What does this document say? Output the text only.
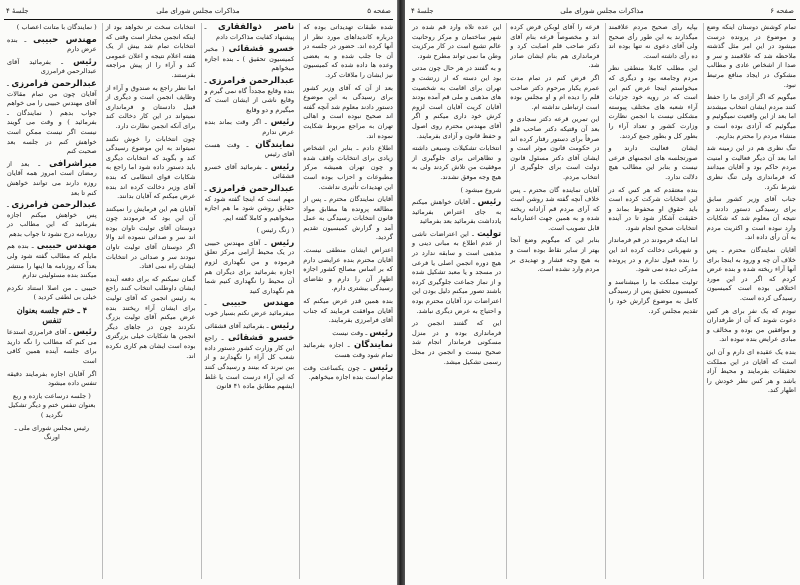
صفحه ۵
مذاکرات مجلس شورای ملی
جلسهٔ ۴

شده طبقات تهدیداتی بوده که درباره کاندیداهای مورد نظر از آنها کرده اند. حضور در جلسه در آن جا جلب شده و به بعضی وعده ها داده شده که کمیسیون نیز ایشان را ملاقات کرد.

بعد از آن که آقای وزیر کشور برای رسیدگی به این موضوع دستور دادند معلوم شد آنچه گفته اند صحیح نبوده است و اهالی تهران به مراجع مربوط شکایت نموده اند.

اطلاع دادم ـ بنابر این اشخاص زیادی برای انتخابات واقف شده و چون تهران همیشه مرکز مطبوعات و احزاب بوده است این تهدیدات تأثیری نداشت.

آقایان نمایندگان محترم ـ پس از مطالعه پرونده ها مطابق مواد قانون انتخابات رسیدگی به عمل آمد و گزارش کمیسیون تقدیم گردید.

اعتراض ایشان منطقی نیست. آقایان محترم بنده عرایضی دارم که بر اساس مصالح کشور اجازه اظهار آن را دارم و تقاضای رسیدگی بیشتری دارم.

بنده همین قدر عرض میکنم که آقایان موافقت فرمایند که جناب آقای فرامرزی بفرمایند.

رئیس ـ وقت نیست

نمایندگان ـ اجازه بفرمائید تمام شود وقت هست

رئیس ـ چون یکساعت وقت تمام است بنده اجازه میخواهم.

ناصر ذوالفقاری ـ پیشنهاد کفایت مذاکرات دادم

خسرو قشقائی ( مخبر کمیسیون تحقیق ) ـ بنده اجازه میخواهم

عبدالرحمن فرامرزی ـ بنده وقایع مجدداً گاه نمی گیرم و وقایع ناشی از ایشان است که میگیرم و دو وقایع

رئیس ـ اگر وقت بماند بنده عرض ندارم

نمایندگان ـ وقت هست آقای رئیس

رئیس ـ بفرمائید آقای خسرو قشقائی

عبدالرحمن فرامرزی ـ مهم است که اینجا گفته شود که حقایق روشن شود ما هم اجازه میخواهیم و کاملا گفته ایم.

( زنگ رئیس )

رئیس ـ آقای مهندس حبیبی در یک محیط آرامی مرکز تعلق فرموده و من نگهداری لزوم اجازه بفرمائید برای دیگران هم آن محیط را نگهداری کنیم شما هم نگهداری کنید

مهندس حبیبی ـ میفرمائید عرض نکنم بسیار خوب

رئیس ـ بفرمائید آقای قشقائی

خسرو قشقائی ـ راجع این کار وزارت کشور دستور داده شعب کل آراء را نگهدارند و از بین نبرند که بینند و رسیدگی کنند که این آراء درست است یا غلط ایشهم مطابق ماده ۴۱ قانون

انتخابات سخت تر نخواهد بود از اینکه انجمن مختار است وقتی که انتخابات تمام شد بیش از یک هفته اعلام نتیجه و اعلان عمومی کند و آراء را از پیش مراجعه بفرستند.

اما نظر راجع به صندوق و آراء از وظایف انجمن است و دیگری از قبیل دادستان و فرمانداری نمیتواند در این کار دخالت کند برای آنکه انجمن نظارت دارد.

چون انتخابات را خوش نکنند نمیتواند به این موضوع رسیدگی کند و بگوید که انتخابات دیگری باید دستور داده شود اما راجع به شکایات قوای انتظامی که بنده آقای وزیر دخالت کرده اند بنده عرض میکنم که آقایان بدانند.

آقایان هم این فرمایش را نمیکنند آن این بود که فرمودند چون دوستان آقای تولیت تاوان بوده اند سر و صدائی ننموده اند والا اگر دوستان آقای تولیت تاوان نبودند سر و صدائی در انتخابات ایشان راه نمی افتاد.

گمان نمیکنم که برای دفعه آینده ایشان داوطلب انتخاب کنند راجع به رئیس انجمن که آقای تولیت برای ایشان آراء ریختند بنده عرض میکنم آقای تولیت بزرگ نکردند چون در جاهای دیگر انجمن ها شکایات خیلی بزرگتری بوده است ایشان هم کاری نکرده اند.

( نمایندگان با متانت اعصاب )

مهندس حبیبی ـ بنده عرض دارم

رئیس ـ بفرمائید آقای عبدالرحمن فرامرزی

عبدالرحمن فرامرزی ـ آقایان چون من تمام مقالات آقای مهندس حبیبی را می خواهم جواب بدهم ( نمایندگان ـ بفرمائید ) و وقت می گویند نیست اگر نیست ممکن است خواهش کنم در جلسه بعد صحبت کنم

میراشرافی ـ بعد از رمضان است امروز همه آقایان روزه دارند می توانند خواهش کنم تا بعد

عبدالرحمن فرامرزی ـ پس خواهش میکنم اجازه بفرمائید که این مطالب در روزنامه درج نشود تا جواب بدهم

مهندس حبیبی ـ بنده هم مایلم که مطالب گفته شود ولی بعداً که روزنامه ها اینها را منتشر میکنند بنده مسئولیتی ندارم

حبیبی ـ من اصلا استناد نکردم خیلی بی لطفی کردید )

۴ ـ ختم جلسه بعنوان تنفس

رئیس ـ آقای فرامرزی استدعا می کنم که مطالب را نگه دارید برای جلسه آینده همین کافی است

اگر آقایان اجازه بفرمایند دقیقه تنفس داده میشود

( جلسه درساعت یازده و ربع بعنوان تنفس ختم و دیگر تشکیل نگردید )

رئیس مجلس شورای ملی ـ اورنگ

صفحه ۶
مذاکرات مجلس شورای ملی
جلسهٔ ۴

تمام کوشش دوستان اینکه وضع و موضوع در پرونده درست میشود در این امر مثل گذشته ملاحظه شد که علاقمند و سر و صدا از اشخاص عادی و مطالب مشکوک در ایجاد منافع مرتبط نبود.

میگویم که اگر آزادی ما را حفظ کنند مردم ایشان انتخاب میشدند اما بعد از این واقعیت نمیگوئیم و میگوئیم که آزادی بوده است و منشاء مردم را محترم بداریم.

تنگ نظری هم در این زمینه شد اما بعد آن دیگر فعالیت و امنیت مردم حاکم بود و آقایان میدانند که فرمانداری ولی تنگ نظری شرط نکرد.

جناب آقای وزیر کشور سابق برای رسیدگی دستور دادند و نتیجه آن معلوم شد که شکایات وارد نبوده است و اکثریت مردم به آن رأی داده اند.

آقایان نمایندگان محترم ـ پس خلاف آن چه و ورود به اینجا برای آنها آراء ریخته شده و بنده عرض کردم که اگر در این مورد اختلافی بوده است کمیسیون رسیدگی کرده است.

نبودم که یک نفر برای هر کس دعوت شوند که آن از طرفداران و موافقین من بوده و مخالف و مبادی عرایض بنده نبوده اند.

بنده یک عقیده ای دارم و آن این است که آقایان در این مملکت تحقیقات بفرمایند و محیط آزاد باشد و هر کس نظر خودش را اظهار کند.

بپایه رأی صحیح مردم علاقمند میگذارند به این طور رأی صحیح ولی آقای دعوی نه تنها بوده اند ده رأی داشته است.

این مطلب کاملا منطقی نظر مردم وجامعه بود و دیگری که میخواستم اینجا عرض کنم این است که در رویه خود جزئیات آراء شعبه های مختلف پیوسته مشکلی نیست با انجمن نظارت وزارت کشور و تعداد آراء را بطور کل و بطور جمع کردند.

ایشان فعالیت دارند و صورتجلسه های انجمنهای فرعی نیست و بنابر این مطالب هیچ دلالت ندارد.

بنده معتقدم که هر کس که در این انتخابات شرکت کرده است باید حقوق او محفوظ بماند و حقیقت آشکار شود تا در آینده انتخابات صحیح انجام شود.

اما اینکه فرمودند در قم فرماندار و شهربانی دخالت کرده اند این را بنده قبول ندارم و در پرونده مدرکی دیده نمی شود.

تولیت مملکت ما را میشناسد و کمیسیون تحقیق پس از رسیدگی کامل به موضوع گزارش خود را تقدیم مجلس کرد.

قرعه را آقای لوبکن قرض کرده اند و مخصوصاً قرعه بنام آقای دکتر صاحب قلم اصابت کرد و فرمانداری هم بنام ایشان صادر شد.

اگر فرض کنم در تمام مدت عمرم یکبار مرحوم دکتر صاحب قلم را دیده ام و او مجلس بوده است ارتباطی نداشته ام.

این تمرین قرعه دکتر سجادی و بعد آن وقتیکه دکتر صاحب قلم صرفاً برای دستور رفتار کرده اند در حکومت قانون موثر است و ایشان آقای دکتر مسئول قانون دولت است برای جلوگیری از انتخاب مردم.

آقایان نماینده گان محترم ـ پس خلاف آنچه گفته شد روشن است که آرای مردم قم آزادانه ریخته شده و به همین جهت اعتبارنامه قابل تصویب است.

بنابر این که میگویم وضع آنجا بهتر از سایر نقاط بوده است و به هیچ وجه فشار و تهدیدی بر مردم وارد نشده است.

این عده تلاه وارد قم شده در شهر ساختمان و مرکز روحانیت عالم تشیع است در کار مرکزیت وطن ما نمی تواند مطرح شود.

و به گفتند در هر حال چون مدتی بود این دسته که از زرتشت و تهران برای اقامت به شخصیت های مذهبی و ملی قم آمده بودند آقایان کریت آقایان است لزوم کرش خود داری میکنم و اگر آقای مهندس محترم روی اصول و حفظ قانون و آزادی بفرمایند.

انتخابات تشکیلات وسیعی داشته و تظاهراتی برای جلوگیری از موفقیت من تلاش کردند ولی به هیچ وجه موفق نشدند.

شروع میشود )

رئیس ـ آقایان خواهش میکنم به جای اعتراض بفرمائید یادداشت بفرمائید بعد بفرمائید

تولیت ـ این اعتراضات ناشی از عدم اطلاع به مبانی دینی و مذهبی است و سابقه ندارد در هیچ دوره انجمن اصلی یا فرعی در مسجد و یا معبد تشکیل شده و از نماز جماعت جلوگیری کرده باشند تصور میکنم دلیل بودن این اعتراضات نزد آقایان محترم بوده و احتیاج به عرض دیگری نباشد.

این که گفتند انجمن در فرمانداری بوده و در منزل مسکونی فرماندار انجام شد صحیح نیست و انجمن در محل رسمی تشکیل میشد.
